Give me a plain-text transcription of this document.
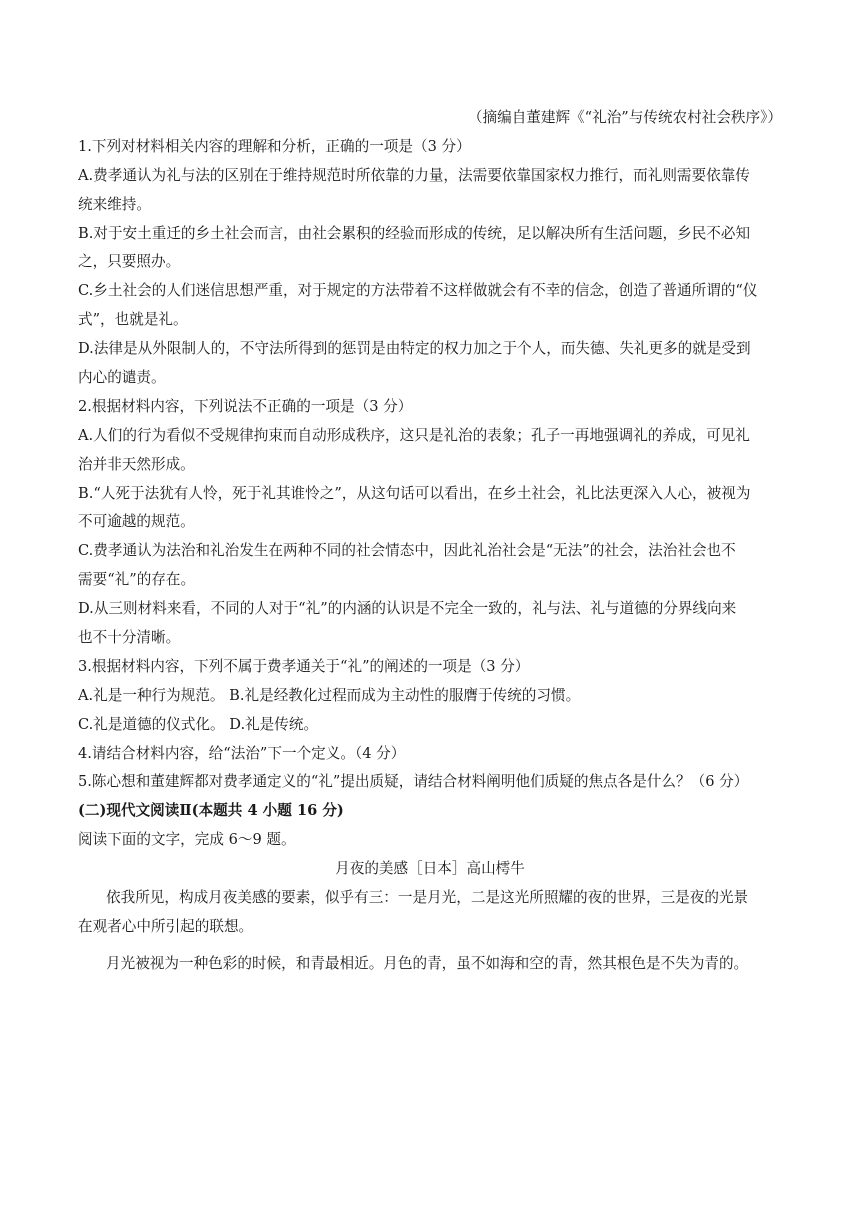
（摘编自董建辉《“礼治”与传统农村社会秩序》）
1.下列对材料相关内容的理解和分析，正确的一项是（3 分）
A.费孝通认为礼与法的区别在于维持规范时所依靠的力量，法需要依靠国家权力推行，而礼则需要依靠传
统来维持。
B.对于安土重迁的乡土社会而言，由社会累积的经验而形成的传统，足以解决所有生活问题，乡民不必知
之，只要照办。
C.乡土社会的人们迷信思想严重，对于规定的方法带着不这样做就会有不幸的信念，创造了普通所谓的“仪
式”，也就是礼。
D.法律是从外限制人的，不守法所得到的惩罚是由特定的权力加之于个人，而失德、失礼更多的就是受到
内心的谴责。
2.根据材料内容，下列说法不正确的一项是（3 分）
A.人们的行为看似不受规律拘束而自动形成秩序，这只是礼治的表象；孔子一再地强调礼的养成，可见礼
治并非天然形成。
B.“人死于法犹有人怜，死于礼其谁怜之”，从这句话可以看出，在乡土社会，礼比法更深入人心，被视为
不可逾越的规范。
C.费孝通认为法治和礼治发生在两种不同的社会情态中，因此礼治社会是“无法”的社会，法治社会也不
需要“礼”的存在。
D.从三则材料来看，不同的人对于“礼”的内涵的认识是不完全一致的，礼与法、礼与道德的分界线向来
也不十分清晰。
3.根据材料内容，下列不属于费孝通关于“礼”的阐述的一项是（3 分）
A.礼是一种行为规范。 B.礼是经教化过程而成为主动性的服膺于传统的习惯。
C.礼是道德的仪式化。 D.礼是传统。
4.请结合材料内容，给“法治”下一个定义。（4 分）
5.陈心想和董建辉都对费孝通定义的“礼”提出质疑，请结合材料阐明他们质疑的焦点各是什么？（6 分）
(二)现代文阅读Ⅱ(本题共 4 小题 16 分)
阅读下面的文字，完成 6～9 题。
月夜的美感［日本］高山樗牛
依我所见，构成月夜美感的要素，似乎有三：一是月光，二是这光所照耀的夜的世界，三是夜的光景
在观者心中所引起的联想。
月光被视为一种色彩的时候，和青最相近。月色的青，虽不如海和空的青，然其根色是不失为青的。
